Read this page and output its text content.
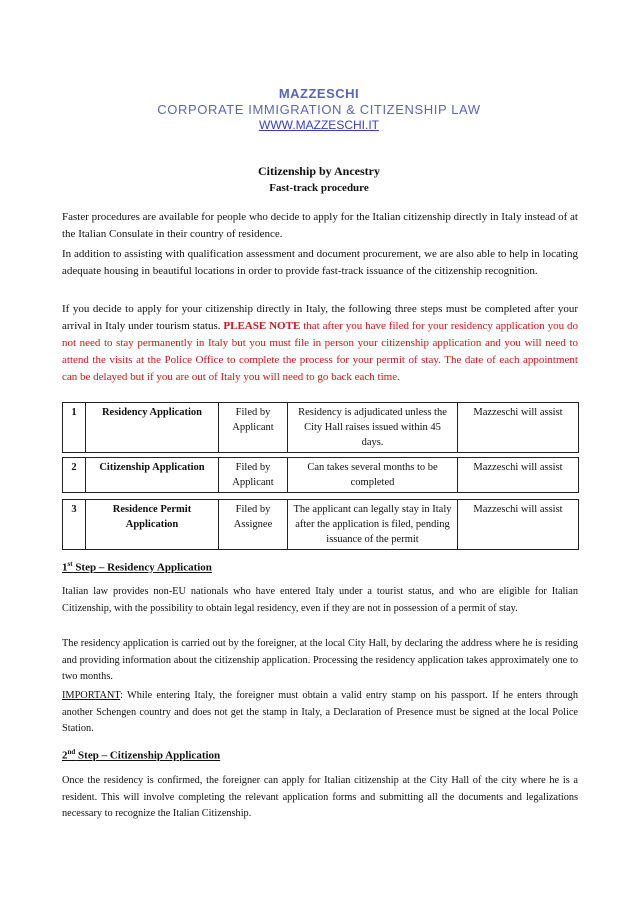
MAZZESCHI
CORPORATE IMMIGRATION & CITIZENSHIP LAW
WWW.MAZZESCHI.IT
Citizenship by Ancestry
Fast-track procedure
Faster procedures are available for people who decide to apply for the Italian citizenship directly in Italy instead of at the Italian Consulate in their country of residence.
In addition to assisting with qualification assessment and document procurement, we are also able to help in locating adequate housing in beautiful locations in order to provide fast-track issuance of the citizenship recognition.
If you decide to apply for your citizenship directly in Italy, the following three steps must be completed after your arrival in Italy under tourism status. PLEASE NOTE that after you have filed for your residency application you do not need to stay permanently in Italy but you must file in person your citizenship application and you will need to attend the visits at the Police Office to complete the process for your permit of stay. The date of each appointment can be delayed but if you are out of Italy you will need to go back each time.
1	Residency Application	Filed by Applicant	Residency is adjudicated unless the City Hall raises issued within 45 days.	Mazzeschi will assist
2	Citizenship Application	Filed by Applicant	Can takes several months to be completed	Mazzeschi will assist
3	Residence Permit Application	Filed by Assignee	The applicant can legally stay in Italy after the application is filed, pending issuance of the permit	Mazzeschi will assist
1st Step – Residency Application
Italian law provides non-EU nationals who have entered Italy under a tourist status, and who are eligible for Italian Citizenship, with the possibility to obtain legal residency, even if they are not in possession of a permit of stay.
The residency application is carried out by the foreigner, at the local City Hall, by declaring the address where he is residing and providing information about the citizenship application. Processing the residency application takes approximately one to two months.
IMPORTANT: While entering Italy, the foreigner must obtain a valid entry stamp on his passport. If he enters through another Schengen country and does not get the stamp in Italy, a Declaration of Presence must be signed at the local Police Station.
2nd Step – Citizenship Application
Once the residency is confirmed, the foreigner can apply for Italian citizenship at the City Hall of the city where he is a resident. This will involve completing the relevant application forms and submitting all the documents and legalizations necessary to recognize the Italian Citizenship.
